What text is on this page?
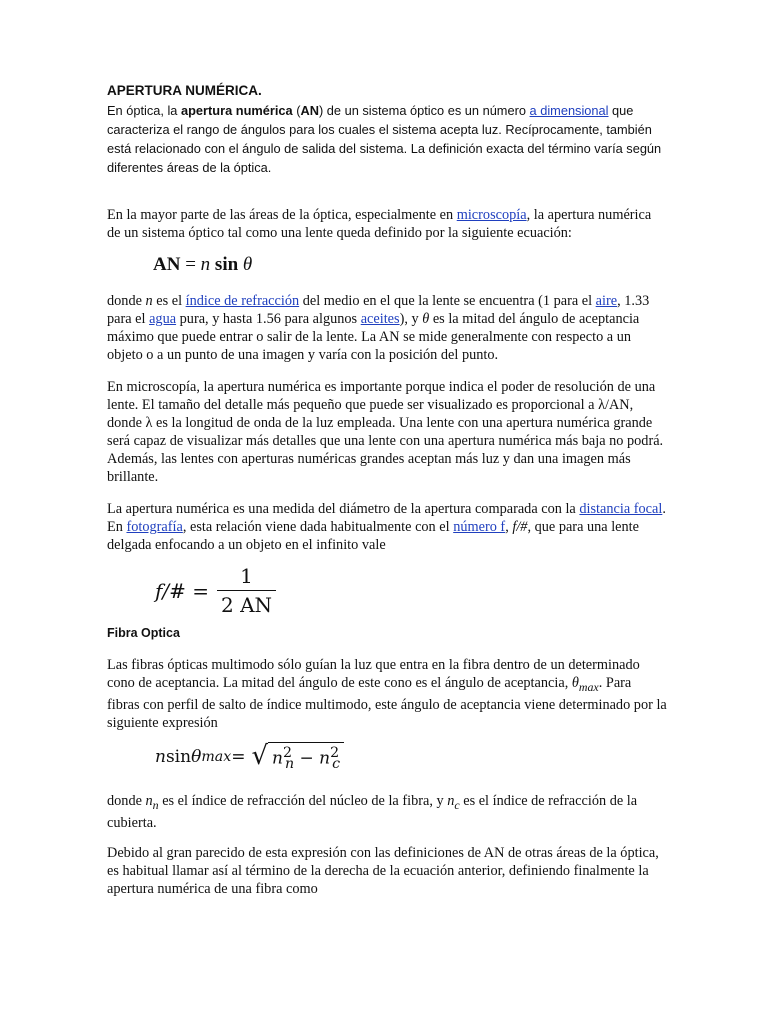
APERTURA NUMÉRICA.
En óptica, la apertura numérica (AN) de un sistema óptico es un número a dimensional que caracteriza el rango de ángulos para los cuales el sistema acepta luz. Recíprocamente, también está relacionado con el ángulo de salida del sistema. La definición exacta del término varía según diferentes áreas de la óptica.
En la mayor parte de las áreas de la óptica, especialmente en microscopía, la apertura numérica de un sistema óptico tal como una lente queda definido por la siguiente ecuación:
AN = n sin θ
donde n es el índice de refracción del medio en el que la lente se encuentra (1 para el aire, 1.33 para el agua pura, y hasta 1.56 para algunos aceites), y θ es la mitad del ángulo de aceptancia máximo que puede entrar o salir de la lente. La AN se mide generalmente con respecto a un objeto o a un punto de una imagen y varía con la posición del punto.
En microscopía, la apertura numérica es importante porque indica el poder de resolución de una lente. El tamaño del detalle más pequeño que puede ser visualizado es proporcional a λ/AN, donde λ es la longitud de onda de la luz empleada. Una lente con una apertura numérica grande será capaz de visualizar más detalles que una lente con una apertura numérica más baja no podrá. Además, las lentes con aperturas numéricas grandes aceptan más luz y dan una imagen más brillante.
La apertura numérica es una medida del diámetro de la apertura comparada con la distancia focal. En fotografía, esta relación viene dada habitualmente con el número f, f/#, que para una lente delgada enfocando a un objeto en el infinito vale
f/# = $\frac{1}{2 AN}$
Fibra Optica
Las fibras ópticas multimodo sólo guían la luz que entra en la fibra dentro de un determinado cono de aceptancia. La mitad del ángulo de este cono es el ángulo de aceptancia, $\theta_{max}$. Para fibras con perfil de salto de índice multimodo, este ángulo de aceptancia viene determinado por la siguiente expresión
n sin θ max = √ $n^2_n - n^2_c$
donde $n_n$ es el índice de refracción del núcleo de la fibra, y $n_c$ es el índice de refracción de la cubierta.
Debido al gran parecido de esta expresión con las definiciones de AN de otras áreas de la óptica, es habitual llamar así al término de la derecha de la ecuación anterior, definiendo finalmente la apertura numérica de una fibra como
